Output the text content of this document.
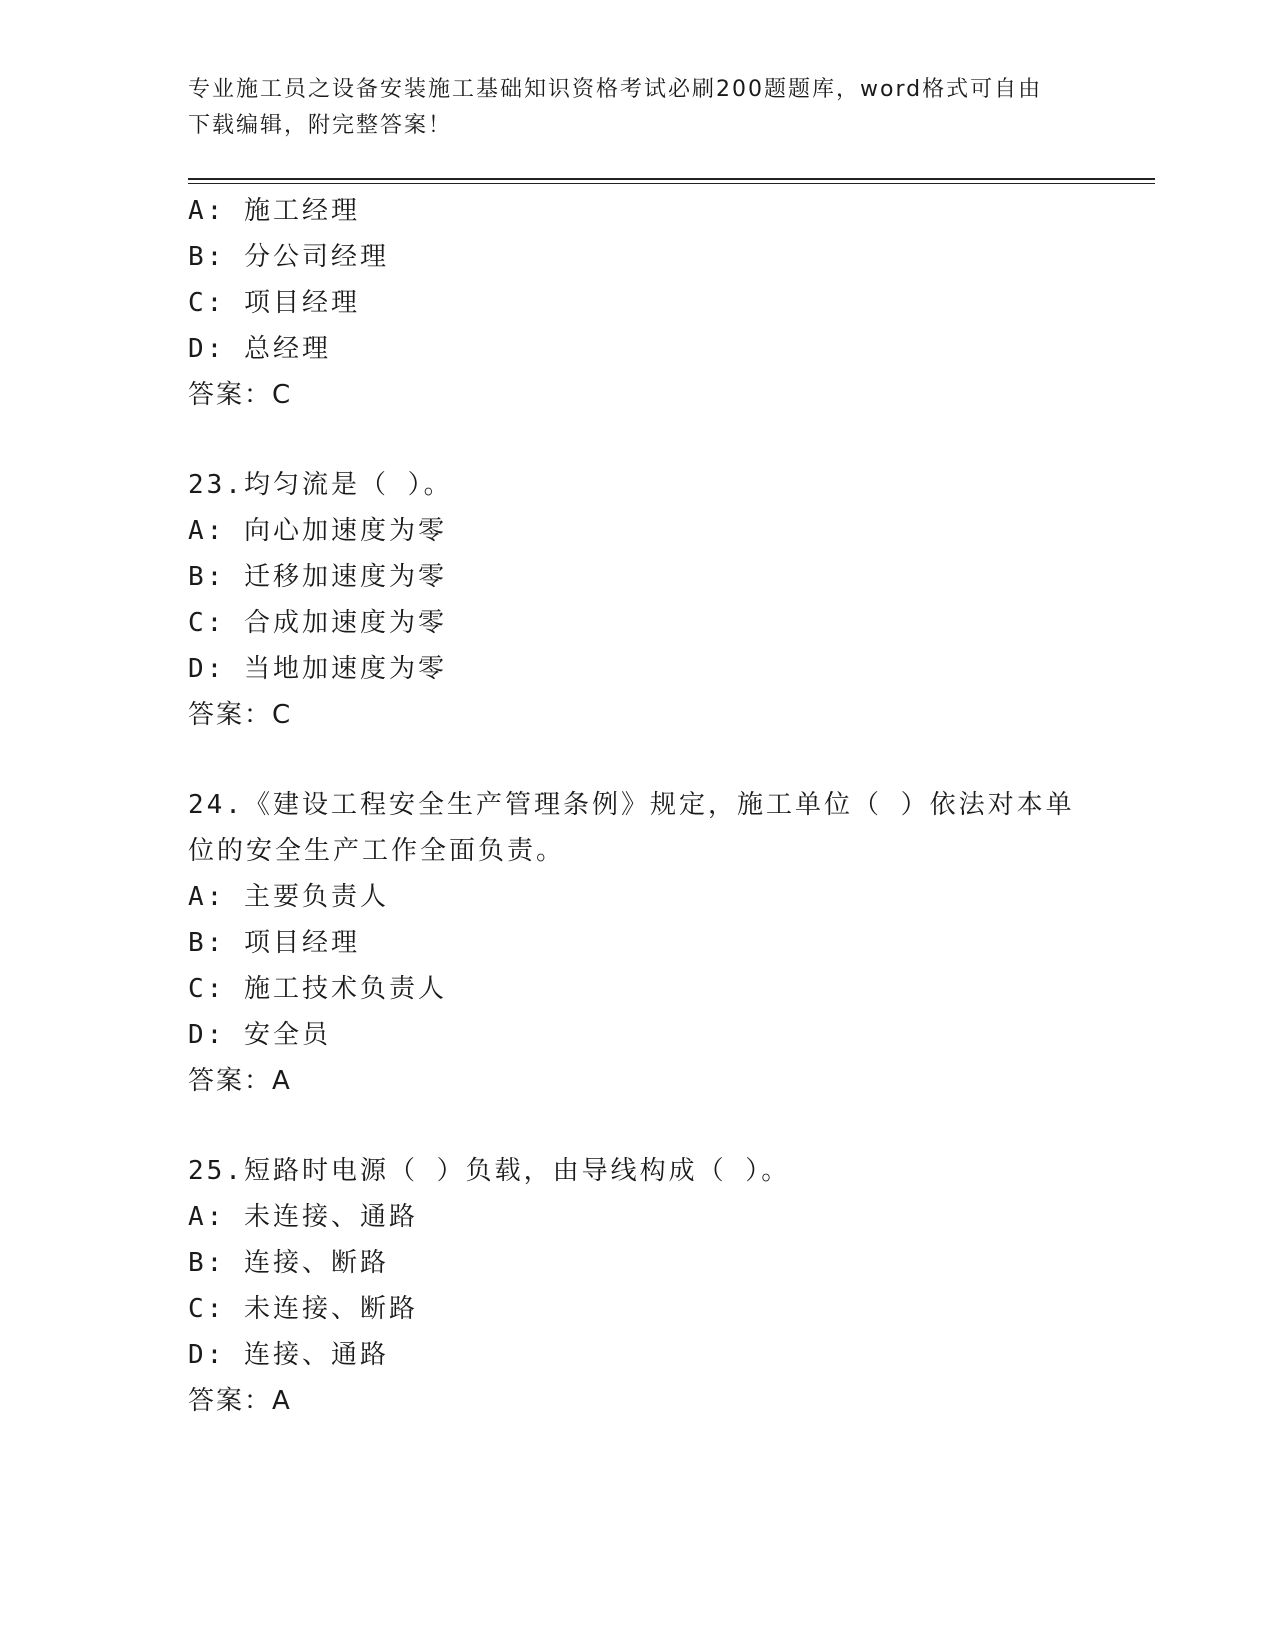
专业施工员之设备安装施工基础知识资格考试必刷200题题库，word格式可自由
下载编辑，附完整答案！
A: 施工经理
B: 分公司经理
C: 项目经理
D: 总经理
答案：C
23.均匀流是（ ）。
A: 向心加速度为零
B: 迁移加速度为零
C: 合成加速度为零
D: 当地加速度为零
答案：C
24.《建设工程安全生产管理条例》规定，施工单位（ ）依法对本单
位的安全生产工作全面负责。
A: 主要负责人
B: 项目经理
C: 施工技术负责人
D: 安全员
答案：A
25.短路时电源（ ）负载，由导线构成（ ）。
A: 未连接、通路
B: 连接、断路
C: 未连接、断路
D: 连接、通路
答案：A
